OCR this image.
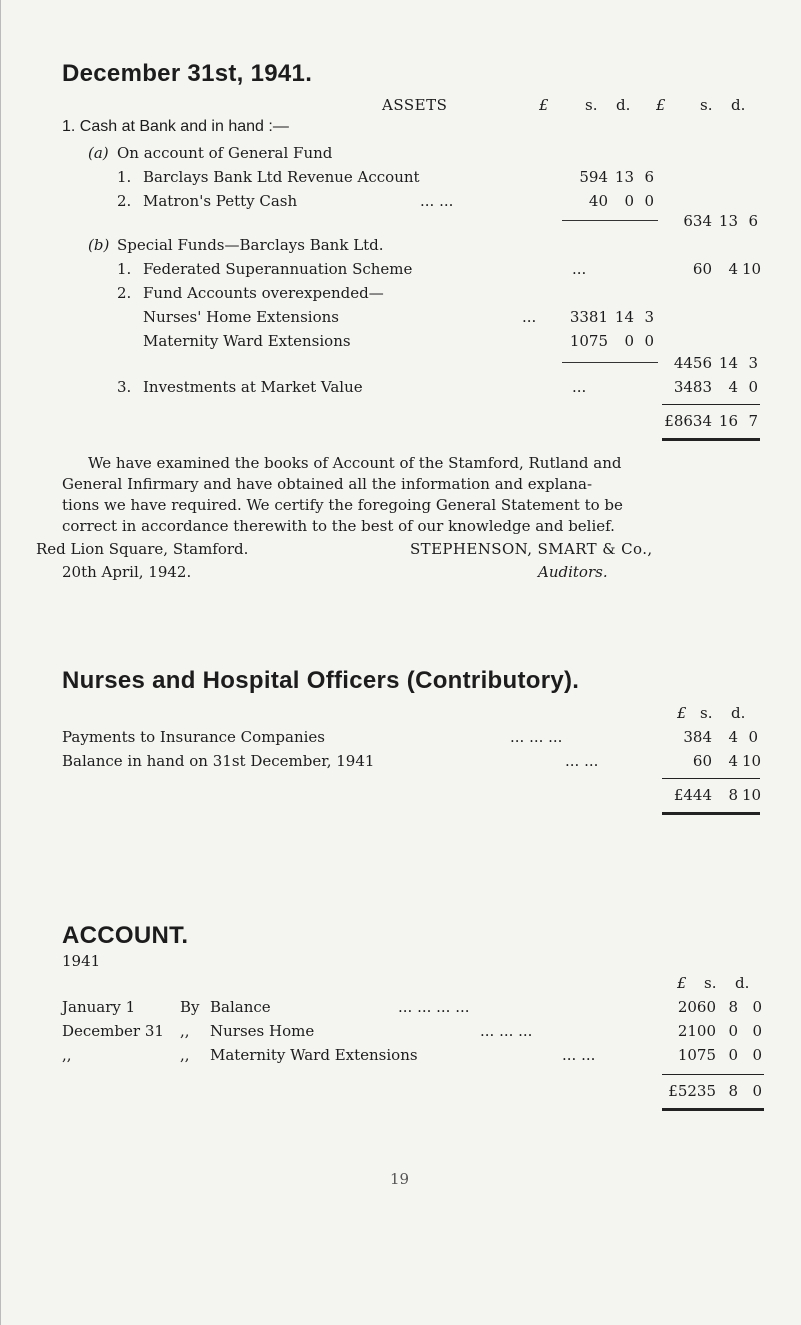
December 31st, 1941.
ASSETS	£ s. d. £ s. d.
1. Cash at Bank and in hand :—
(a) On account of General Fund
1. Barclays Bank Ltd Revenue Account	594 13 6
2. Matron's Petty Cash	... ...	40	0 0
634 13 6
(b) Special Funds—Barclays Bank Ltd.
1. Federated Superannuation Scheme	...	60	4 10
2. Fund Accounts overexpended—
Nurses' Home Extensions	...	3381 14 3
Maternity Ward Extensions	1075	0 0
4456 14 3
3. Investments at Market Value	...	3483	4 0
£8634 16 7
We have examined the books of Account of the Stamford, Rutland and
General Infirmary and have obtained all the information and explana-
tions we have required. We certify the foregoing General Statement to be
correct in accordance therewith to the best of our knowledge and belief.
Red Lion Square, Stamford.	STEPHENSON, SMART & Co.,
20th April, 1942.	Auditors.
Nurses and Hospital Officers (Contributory).
£ s. d.
Payments to Insurance Companies	... ... ...	384	4 0
Balance in hand on 31st December, 1941	... ...	60	4 10
£444	8 10
ACCOUNT.
1941
£ s. d.
January 1	By Balance	... ... ... ...	2060 8 0
December 31 ,, Nurses Home	... ... ...	2100 0 0
,,	,, Maternity Ward Extensions	... ...	1075 0 0
£5235 8 0
19
